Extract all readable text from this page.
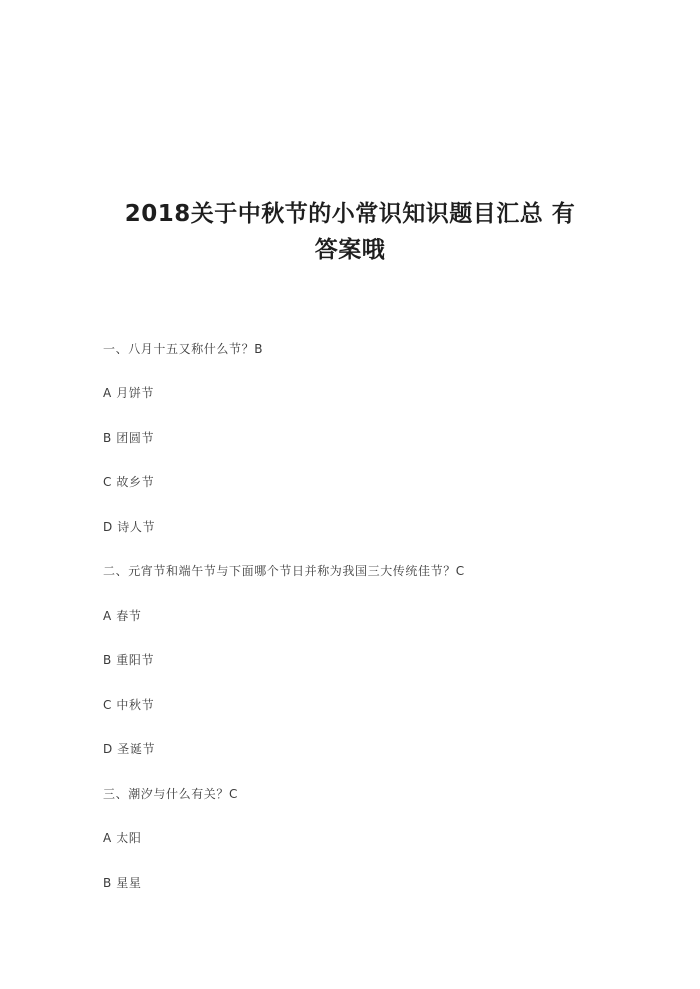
2018关于中秋节的小常识知识题目汇总 有
答案哦

一、八月十五又称什么节？B

A 月饼节

B 团圆节

C 故乡节

D 诗人节

二、元宵节和端午节与下面哪个节日并称为我国三大传统佳节？C

A 春节

B 重阳节

C 中秋节

D 圣诞节

三、潮汐与什么有关？C

A 太阳

B 星星
